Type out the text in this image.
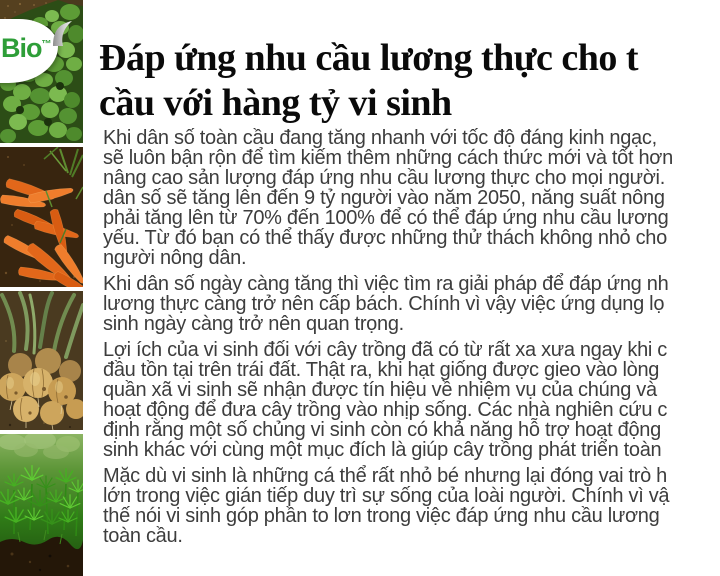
Bio™ Đáp ứng nhu cầu lương thực cho t
cầu với hàng tỷ vi sinh
Khi dân số toàn cầu đang tăng nhanh với tốc độ đáng kinh ngạc,
sẽ luôn bận rộn để tìm kiếm thêm những cách thức mới và tốt hơn
nâng cao sản lượng đáp ứng nhu cầu lương thực cho mọi người.
dân số sẽ tăng lên đến 9 tỷ người vào năm 2050, năng suất nông
phải tăng lên từ 70% đến 100% để có thể đáp ứng nhu cầu lương
yếu. Từ đó bạn có thể thấy được những thử thách không nhỏ cho
người nông dân.
Khi dân số ngày càng tăng thì việc tìm ra giải pháp để đáp ứng nh
lương thực càng trở nên cấp bách. Chính vì vậy việc ứng dụng lọ
sinh ngày càng trở nên quan trọng.
Lợi ích của vi sinh đối với cây trồng đã có từ rất xa xưa ngay khi c
đầu tồn tại trên trái đất. Thật ra, khi hạt giống được gieo vào lòng
quần xã vi sinh sẽ nhận được tín hiệu về nhiệm vụ của chúng và
hoạt động để đưa cây trồng vào nhịp sống. Các nhà nghiên cứu c
định rằng một số chủng vi sinh còn có khả năng hỗ trợ hoạt động
sinh khác với cùng một mục đích là giúp cây trồng phát triển toàn
Mặc dù vi sinh là những cá thể rất nhỏ bé nhưng lại đóng vai trò h
lớn trong việc gián tiếp duy trì sự sống của loài người. Chính vì vậ
thế nói vi sinh góp phần to lơn trong việc đáp ứng nhu cầu lương
toàn cầu.
